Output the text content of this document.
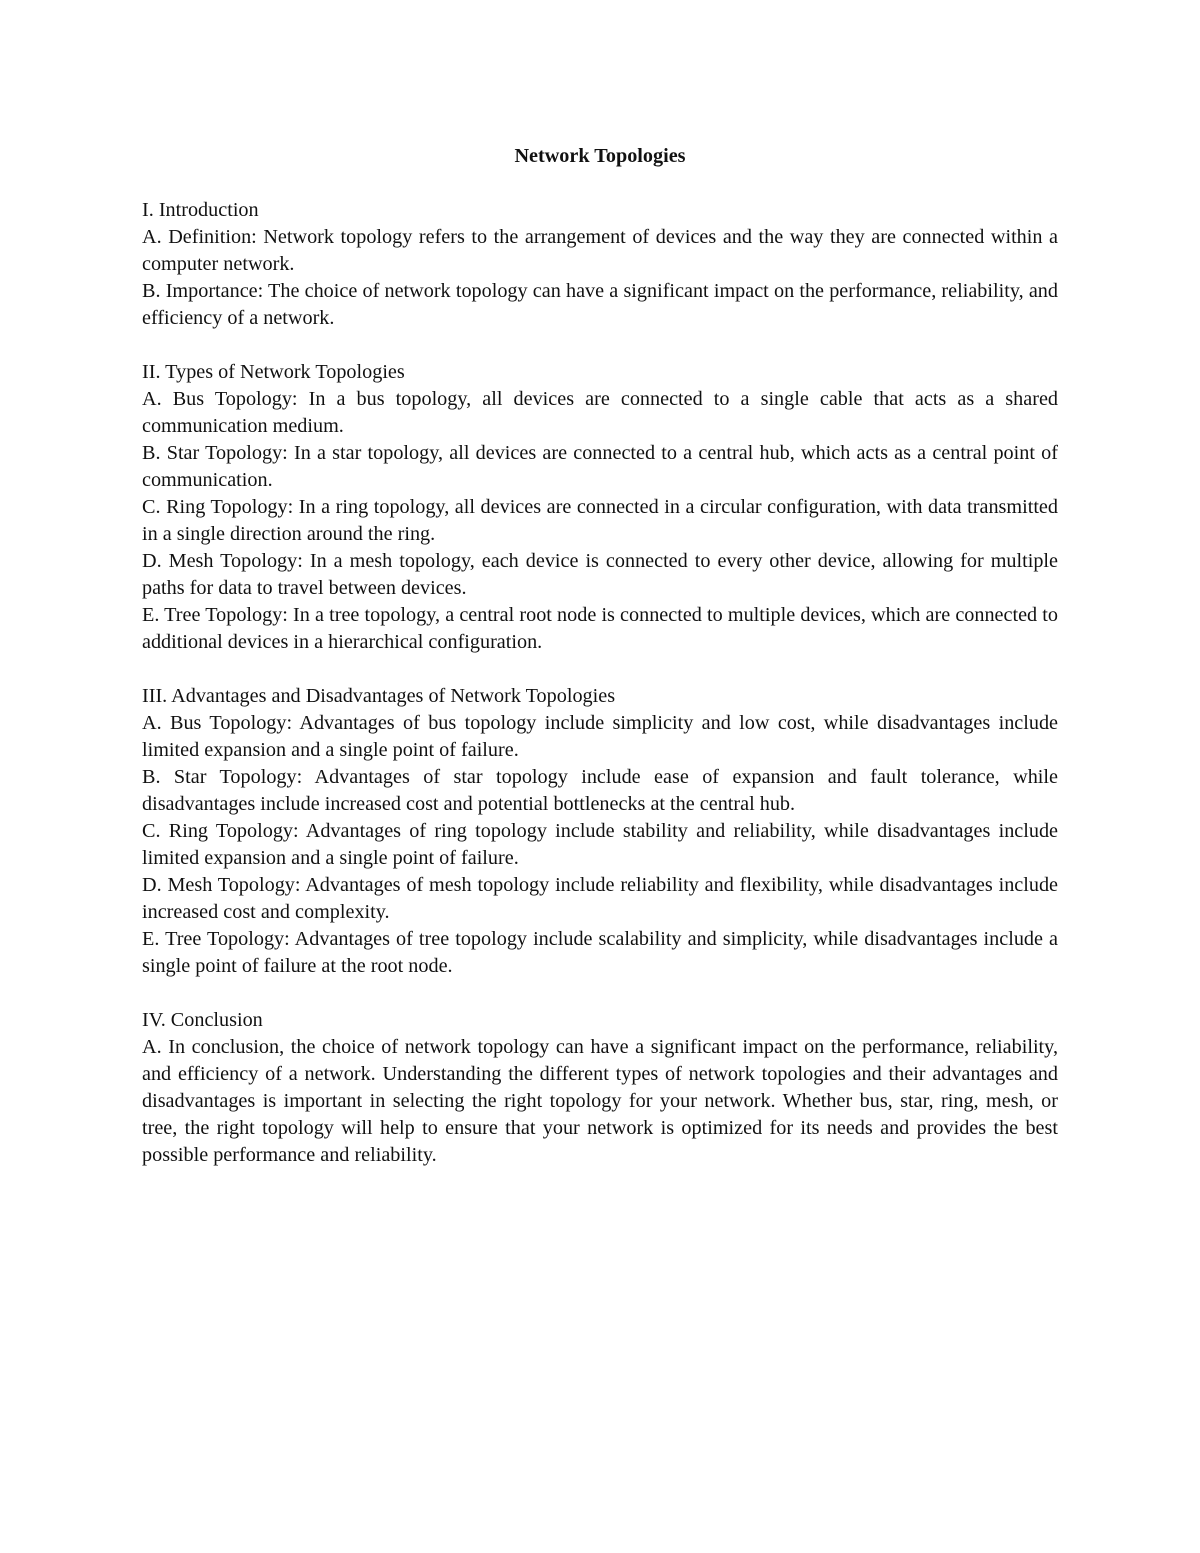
Network Topologies

I. Introduction

A. Definition: Network topology refers to the arrangement of devices and the way they are connected within a computer network.

B. Importance: The choice of network topology can have a significant impact on the performance, reliability, and efficiency of a network.

II. Types of Network Topologies

A. Bus Topology: In a bus topology, all devices are connected to a single cable that acts as a shared communication medium.

B. Star Topology: In a star topology, all devices are connected to a central hub, which acts as a central point of communication.

C. Ring Topology: In a ring topology, all devices are connected in a circular configuration, with data transmitted in a single direction around the ring.

D. Mesh Topology: In a mesh topology, each device is connected to every other device, allowing for multiple paths for data to travel between devices.

E. Tree Topology: In a tree topology, a central root node is connected to multiple devices, which are connected to additional devices in a hierarchical configuration.

III. Advantages and Disadvantages of Network Topologies

A. Bus Topology: Advantages of bus topology include simplicity and low cost, while disadvantages include limited expansion and a single point of failure.

B. Star Topology: Advantages of star topology include ease of expansion and fault tolerance, while disadvantages include increased cost and potential bottlenecks at the central hub.

C. Ring Topology: Advantages of ring topology include stability and reliability, while disadvantages include limited expansion and a single point of failure.

D. Mesh Topology: Advantages of mesh topology include reliability and flexibility, while disadvantages include increased cost and complexity.

E. Tree Topology: Advantages of tree topology include scalability and simplicity, while disadvantages include a single point of failure at the root node.

IV. Conclusion

A. In conclusion, the choice of network topology can have a significant impact on the performance, reliability, and efficiency of a network. Understanding the different types of network topologies and their advantages and disadvantages is important in selecting the right topology for your network. Whether bus, star, ring, mesh, or tree, the right topology will help to ensure that your network is optimized for its needs and provides the best possible performance and reliability.
